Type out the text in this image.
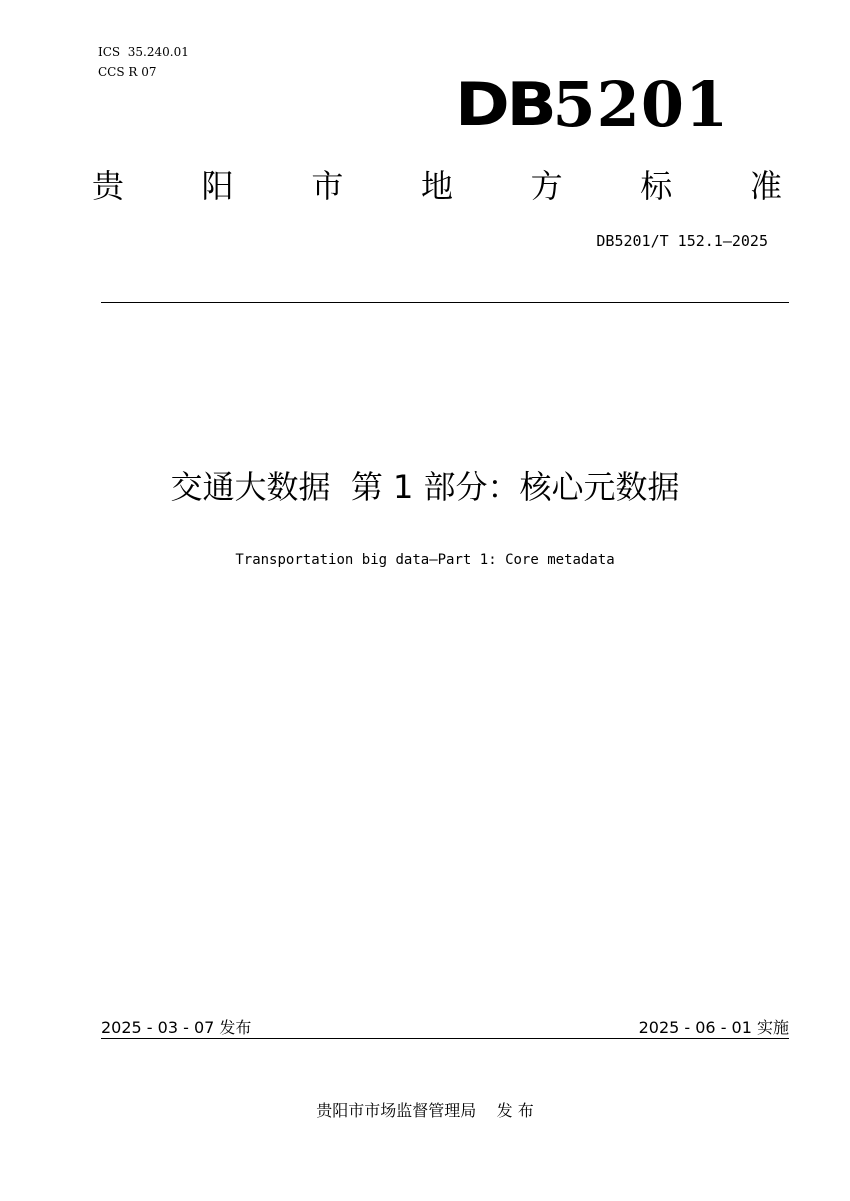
ICS  35.240.01
CCS R 07	DB 5201
贵 阳 市 地 方 标 准
DB5201/T 152.1—2025
交通大数据  第 1 部分：核心元数据
Transportation big data—Part 1: Core metadata
2025 - 03 - 07 发布	2025 - 06 - 01 实施
贵阳市市场监督管理局    发 布
